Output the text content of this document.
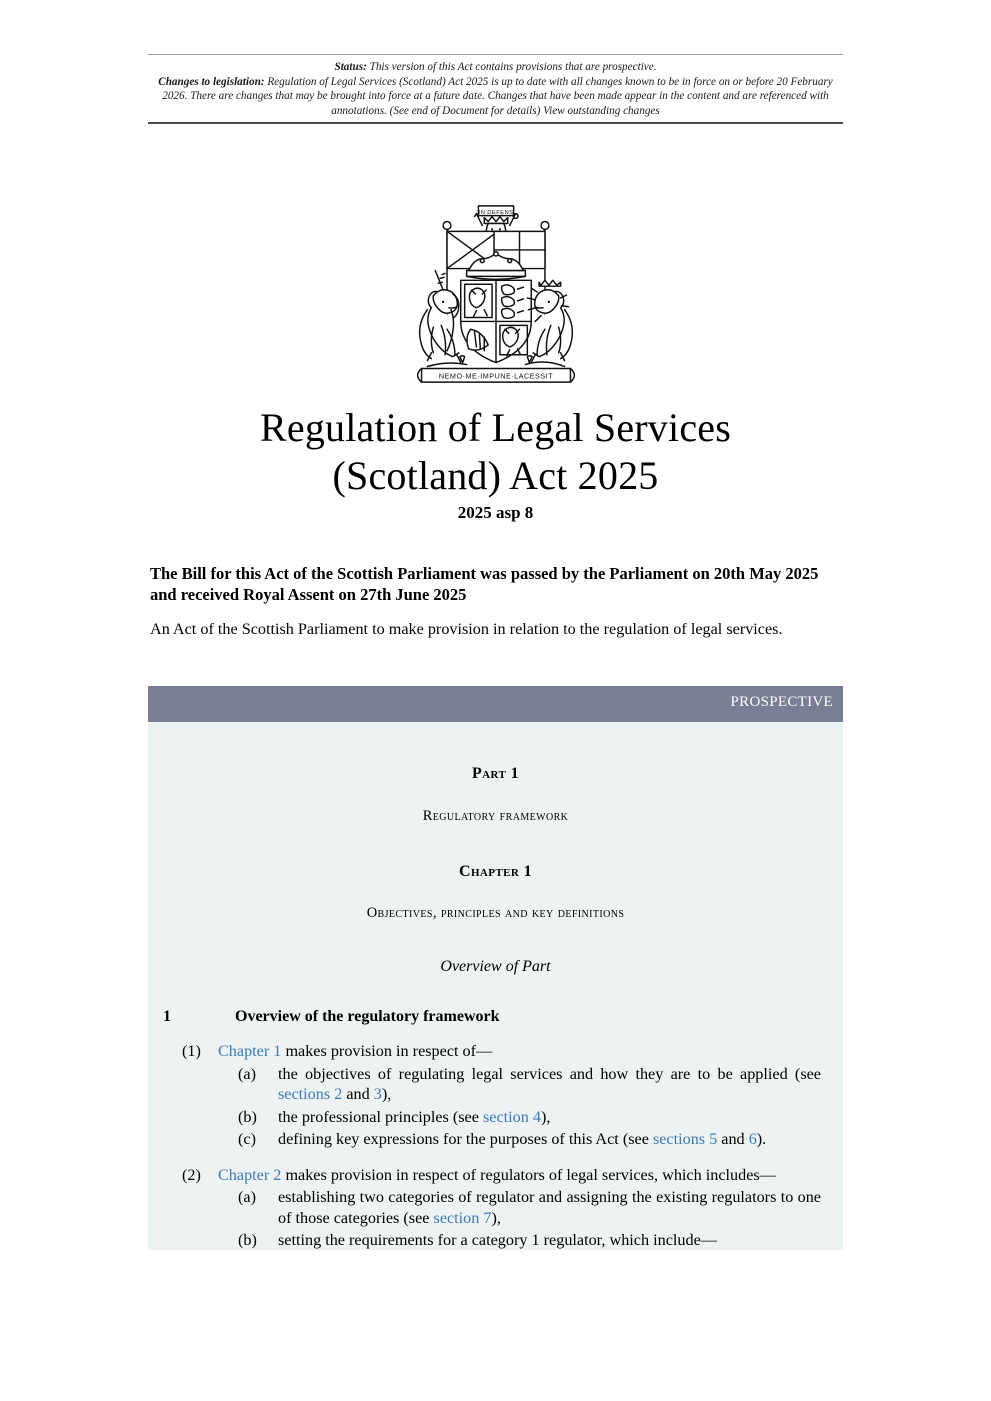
Status: This version of this Act contains provisions that are prospective.

Changes to legislation: Regulation of Legal Services (Scotland) Act 2025 is up to date with all changes known to be in force on or before 20 February 2026. There are changes that may be brought into force at a future date. Changes that have been made appear in the content and are referenced with annotations. (See end of Document for details) View outstanding changes

IN DEFENS
NEMO·ME·IMPUNE·LACESSIT
Regulation of Legal Services
(Scotland) Act 2025

2025 asp 8

The Bill for this Act of the Scottish Parliament was passed by the Parliament on 20th May 2025 and received Royal Assent on 27th June 2025

An Act of the Scottish Parliament to make provision in relation to the regulation of legal services.

PROSPECTIVE

Part 1

Regulatory framework

Chapter 1

Objectives, principles and key definitions

Overview of Part

1	Overview of the regulatory framework
(1)	Chapter 1 makes provision in respect of—
(a)	the objectives of regulating legal services and how they are to be applied (see sections 2 and 3),
(b)	the professional principles (see section 4),
(c)	defining key expressions for the purposes of this Act (see sections 5 and 6).
(2)	Chapter 2 makes provision in respect of regulators of legal services, which includes—
(a)	establishing two categories of regulator and assigning the existing regulators to one of those categories (see section 7),
(b)	setting the requirements for a category 1 regulator, which include—
